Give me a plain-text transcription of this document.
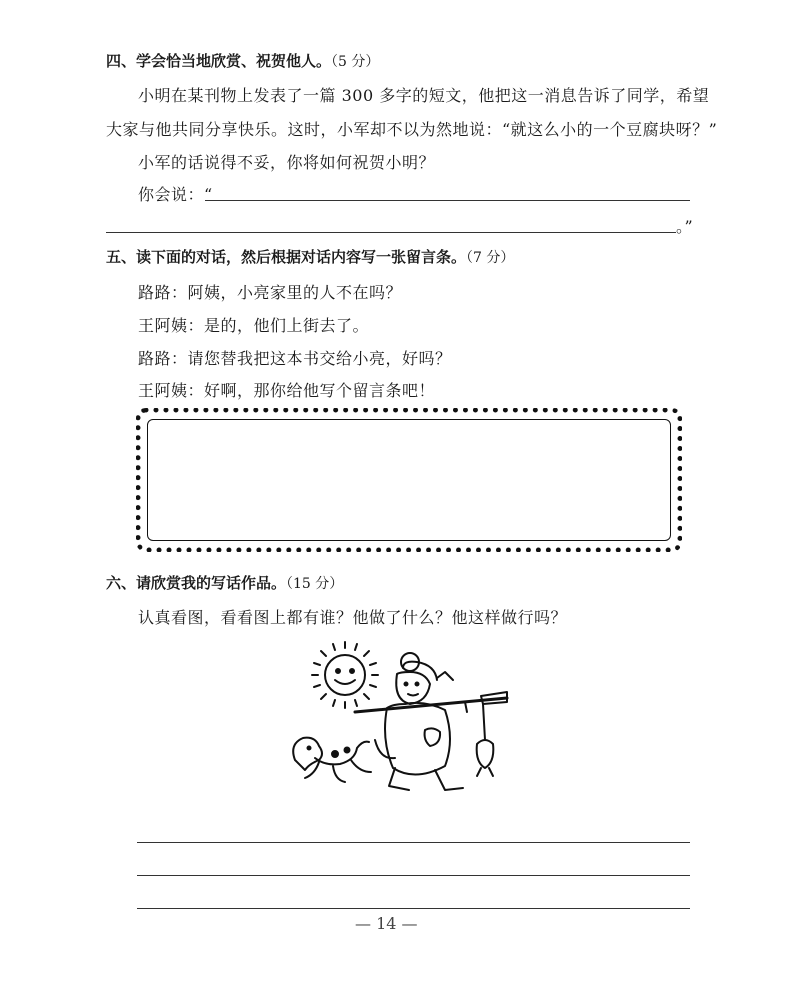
四、学会恰当地欣赏、祝贺他人。（5 分）
小明在某刊物上发表了一篇 300 多字的短文，他把这一消息告诉了同学，希望
大家与他共同分享快乐。这时，小军却不以为然地说：“就这么小的一个豆腐块呀？”
小军的话说得不妥，你将如何祝贺小明？
你会说：“
。”
五、读下面的对话，然后根据对话内容写一张留言条。（7 分）
路路：阿姨，小亮家里的人不在吗？
王阿姨：是的，他们上街去了。
路路：请您替我把这本书交给小亮，好吗？
王阿姨：好啊，那你给他写个留言条吧！
六、请欣赏我的写话作品。（15 分）
认真看图，看看图上都有谁？他做了什么？他这样做行吗？
— 14 —
